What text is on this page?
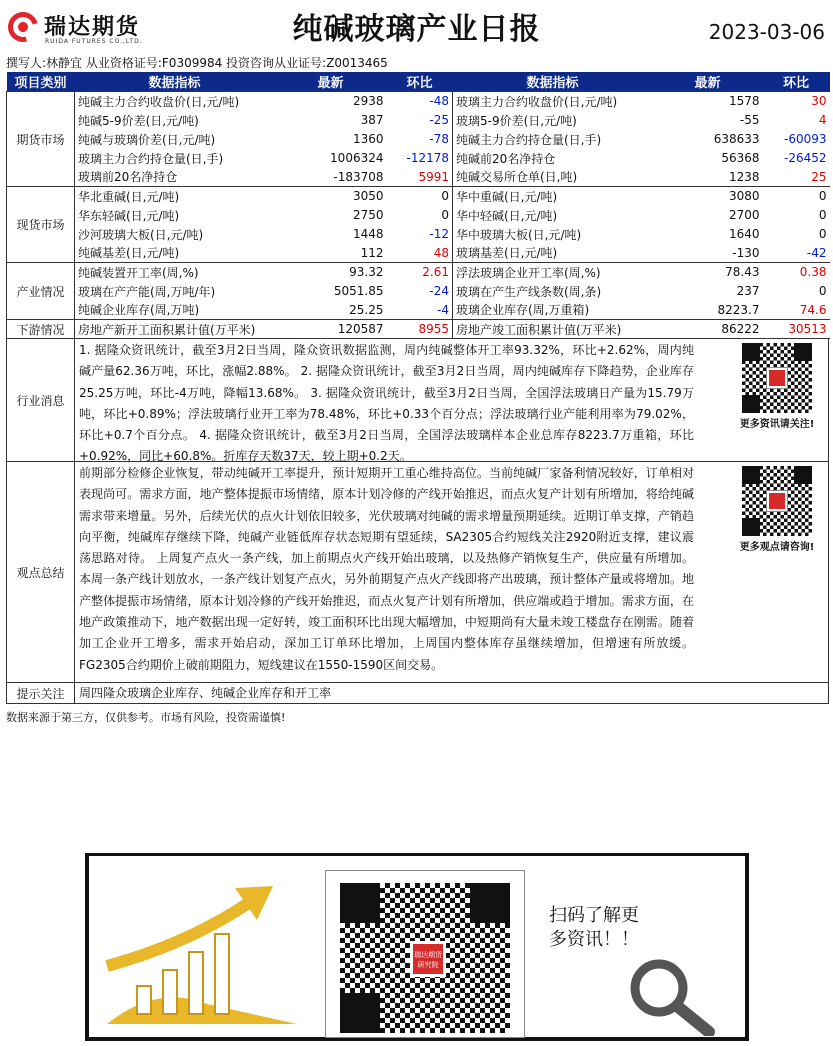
瑞达期货
RUIDA FUTURES CO.,LTD.	纯碱玻璃产业日报	2023-03-06
撰写人:林静宜 从业资格证号:F0309984 投资咨询从业证号:Z0013465
项目类别	数据指标	最新	环比	数据指标	最新	环比
期货市场	纯碱主力合约收盘价(日,元/吨)	2938	-48	玻璃主力合约收盘价(日,元/吨)	1578	30
	纯碱5-9价差(日,元/吨)	387	-25	玻璃5-9价差(日,元/吨)	-55	4
	纯碱与玻璃价差(日,元/吨)	1360	-78	纯碱主力合约持仓量(日,手)	638633	-60093
	玻璃主力合约持仓量(日,手)	1006324	-12178	纯碱前20名净持仓	56368	-26452
	玻璃前20名净持仓	-183708	5991	纯碱交易所仓单(日,吨)	1238	25
现货市场	华北重碱(日,元/吨)	3050	0	华中重碱(日,元/吨)	3080	0
	华东轻碱(日,元/吨)	2750	0	华中轻碱(日,元/吨)	2700	0
	沙河玻璃大板(日,元/吨)	1448	-12	华中玻璃大板(日,元/吨)	1640	0
	纯碱基差(日,元/吨)	112	48	玻璃基差(日,元/吨)	-130	-42
产业情况	纯碱装置开工率(周,%)	93.32	2.61	浮法玻璃企业开工率(周,%)	78.43	0.38
	玻璃在产产能(周,万吨/年)	5051.85	-24	玻璃在产生产线条数(周,条)	237	0
	纯碱企业库存(周,万吨)	25.25	-4	玻璃企业库存(周,万重箱)	8223.7	74.6
下游情况	房地产新开工面积累计值(万平米)	120587	8955	房地产竣工面积累计值(万平米)	86222	30513
行业消息
1. 据隆众资讯统计，截至3月2日当周，隆众资讯数据监测，周内纯碱整体开工率93.32%，环比+2.62%，周内纯碱产量62.36万吨，环比，涨幅2.88%。 2. 据隆众资讯统计，截至3月2日当周，周内纯碱库存下降趋势，企业库存25.25万吨，环比-4万吨，降幅13.68%。 3. 据隆众资讯统计，截至3月2日当周，全国浮法玻璃日产量为15.79万吨，环比+0.89%；浮法玻璃行业开工率为78.48%，环比+0.33个百分点；浮法玻璃行业产能利用率为79.02%，环比+0.7个百分点。 4. 据隆众资讯统计，截至3月2日当周，全国浮法玻璃样本企业总库存8223.7万重箱，环比+0.92%，同比+60.8%。折库存天数37天，较上期+0.2天。
更多资讯请关注!
观点总结
前期部分检修企业恢复，带动纯碱开工率提升，预计短期开工重心维持高位。当前纯碱厂家备利情况较好，订单相对表现尚可。需求方面，地产整体提振市场情绪，原本计划冷修的产线开始推迟，而点火复产计划有所增加，将给纯碱需求带来增量。另外，后续光伏的点火计划依旧较多，光伏玻璃对纯碱的需求增量预期延续。近期订单支撑，产销趋向平衡，纯碱库存继续下降，纯碱产业链低库存状态短期有望延续，SA2305合约短线关注2920附近支撑，建议震荡思路对待。 上周复产点火一条产线，加上前期点火产线开始出玻璃，以及热修产销恢复生产，供应量有所增加。本周一条产线计划放水，一条产线计划复产点火，另外前期复产点火产线即将产出玻璃，预计整体产量或将增加。地产整体提振市场情绪，原本计划冷修的产线开始推迟，而点火复产计划有所增加，供应端或趋于增加。需求方面，在地产政策推动下，地产数据出现一定好转，竣工面积环比出现大幅增加，中短期尚有大量未竣工楼盘存在刚需。随着加工企业开工增多，需求开始启动，深加工订单环比增加，上周国内整体库存虽继续增加，但增速有所放缓。FG2305合约期价上破前期阻力，短线建议在1550-1590区间交易。
更多观点请咨询!
提示关注	周四隆众玻璃企业库存、纯碱企业库存和开工率
数据来源于第三方，仅供参考。市场有风险，投资需谨慎!
瑞达期货研究院
扫码了解更
多资讯！！
